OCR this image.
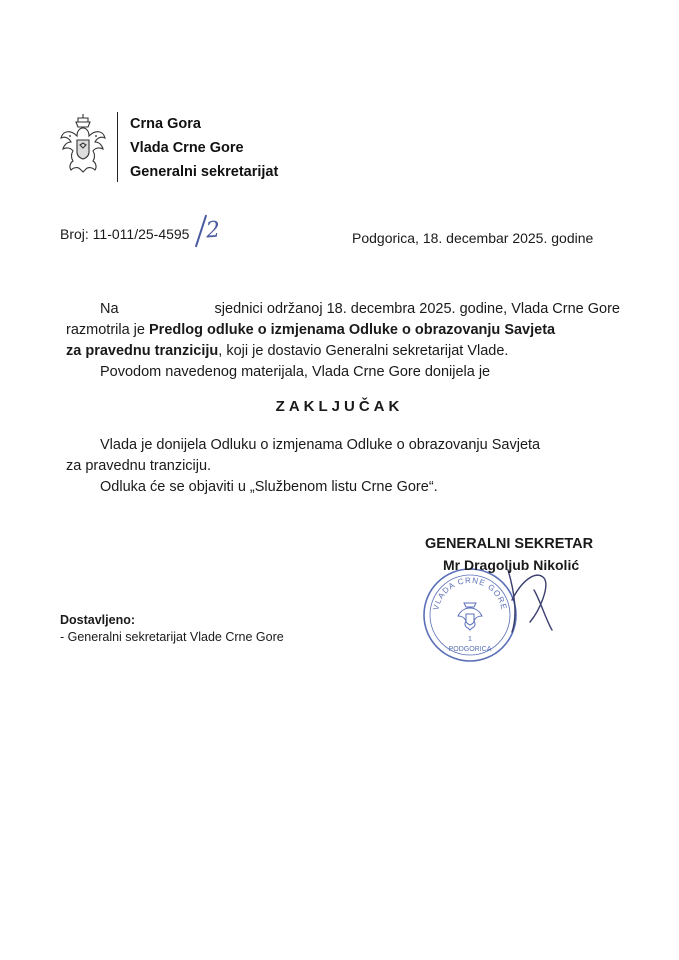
Crna Gora
Vlada Crne Gore
Generalni sekretarijat
Broj: 11-011/25-4595 2	Podgorica, 18. decembar 2025. godine
Na	sjednici održanoj 18. decembra 2025. godine, Vlada Crne Gore
razmotrila je Predlog odluke o izmjenama Odluke o obrazovanju Savjeta
za pravednu tranziciju, koji je dostavio Generalni sekretarijat Vlade.
Povodom navedenog materijala, Vlada Crne Gore donijela je
ZAKLJUČAK
Vlada je donijela Odluku o izmjenama Odluke o obrazovanju Savjeta
za pravednu tranziciju.
Odluka će se objaviti u „Službenom listu Crne Gore“.
GENERALNI SEKRETAR
VLADA CRNE GORE
1
PODGORICA
Mr Dragoljub Nikolić
Dostavljeno:
- Generalni sekretarijat Vlade Crne Gore
